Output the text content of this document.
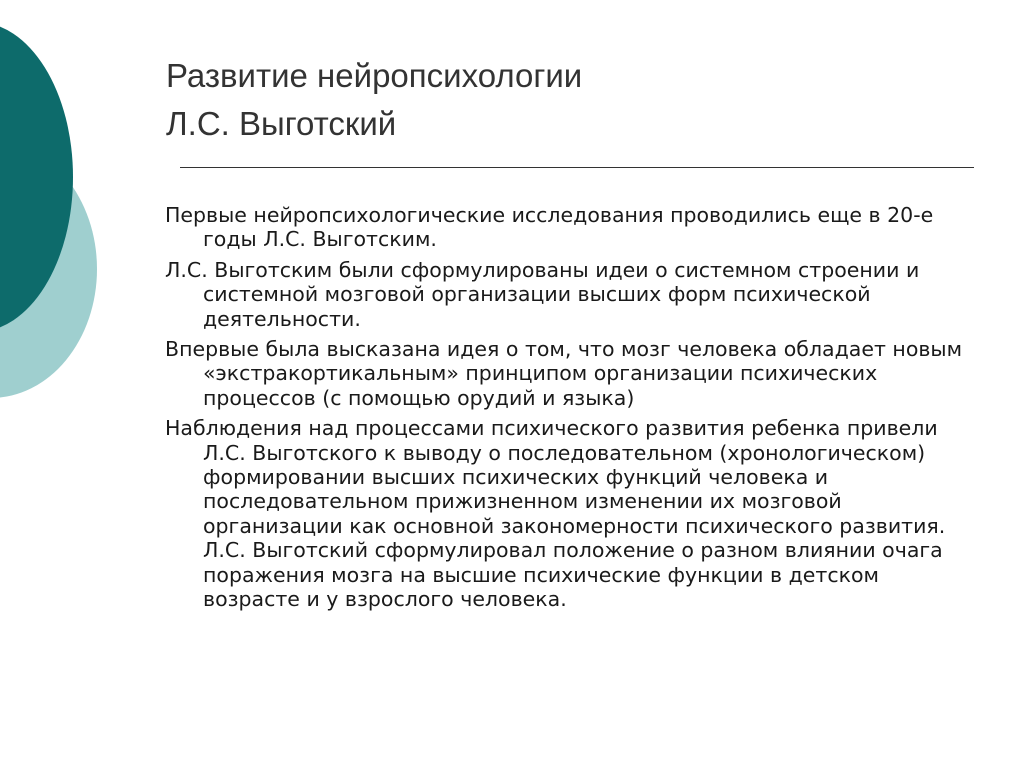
Развитие нейропсихологии
Л.С. Выготский
Первые нейропсихологические исследования проводились еще в 20-е годы Л.С. Выготским.
Л.С. Выготским были сформулированы идеи о системном строении и системной мозговой организации высших форм психической деятельности.
Впервые была высказана идея о том, что мозг человека обладает новым «экстракортикальным» принципом организации психических процессов (с помощью орудий и языка)
Наблюдения над процессами психического развития ребенка привели Л.С. Выготского к выводу о последовательном (хронологическом) формировании высших психических функций человека и последовательном прижизненном изменении их мозговой организации как основной закономерности психического развития. Л.С. Выготский сформулировал положение о разном влиянии очага поражения мозга на высшие психические функции в детском возрасте и у взрослого человека.
